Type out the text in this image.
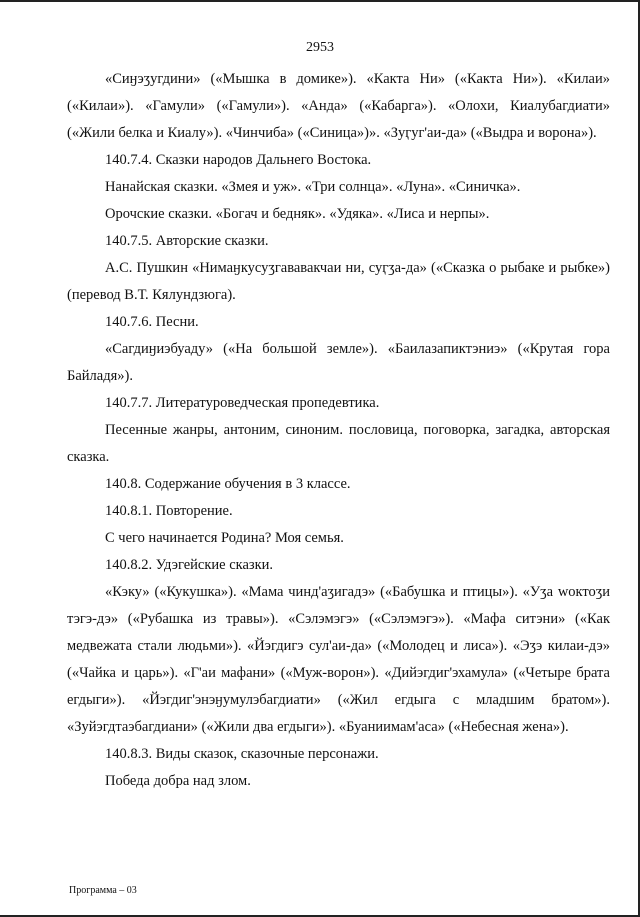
2953

«Сиӈэʒугдини» («Мышка в домике»). «Какта Ни» («Какта Ни»). «Килаи» («Килаи»). «Гамули» («Гамули»). «Анда» («Кабарга»). «Олохи, Киалубагдиати» («Жили белка и Киалу»). «Чинчиба» («Синица»)». «Зуӷуг'аи-да» («Выдра и ворона»).

140.7.4. Сказки народов Дальнего Востока.

Нанайская сказки. «Змея и уж». «Три солнца». «Луна». «Синичка».

Орочские сказки. «Богач и бедняк». «Удяка». «Лиса и нерпы».

140.7.5. Авторские сказки.

А.С. Пушкин «Нимаӈкусуʒгававакчаи ни, суӷʒа-да» («Сказка о рыбаке и рыбке») (перевод В.Т. Кялундзюга).

140.7.6. Песни.

«Сагдиӈиэбуаду» («На большой земле»). «Баилазапиктэниэ» («Крутая гора Байладя»).

140.7.7. Литературоведческая пропедевтика.

Песенные жанры, антоним, синоним. пословица, поговорка, загадка, авторская сказка.

140.8. Содержание обучения в 3 классе.

140.8.1. Повторение.

С чего начинается Родина? Моя семья.

140.8.2. Удэгейские сказки.

«Кэку» («Кукушка»). «Мама чинд'аʒигадэ» («Бабушка и птицы»). «Уʒа wоктоʒи тэгэ-дэ» («Рубашка из травы»). «Сэлэмэгэ» («Сэлэмэгэ»). «Мафа ситэни» («Как медвежата стали людьми»). «Йэгдигэ сул'аи-да» («Молодец и лиса»). «Эʒэ килаи-дэ» («Чайка и царь»). «Г'аи мафани» («Муж-ворон»). «Дийэгдиг'эхамула» («Четыре брата егдыги»). «Йэгдиг'энэӈумулэбагдиати» («Жил егдыга с младшим братом»). «Зуйэгдтаэбагдиани» («Жили два егдыги»). «Буаниимам'аса» («Небесная жена»).

140.8.3. Виды сказок, сказочные персонажи.

Победа добра над злом.

Программа – 03
